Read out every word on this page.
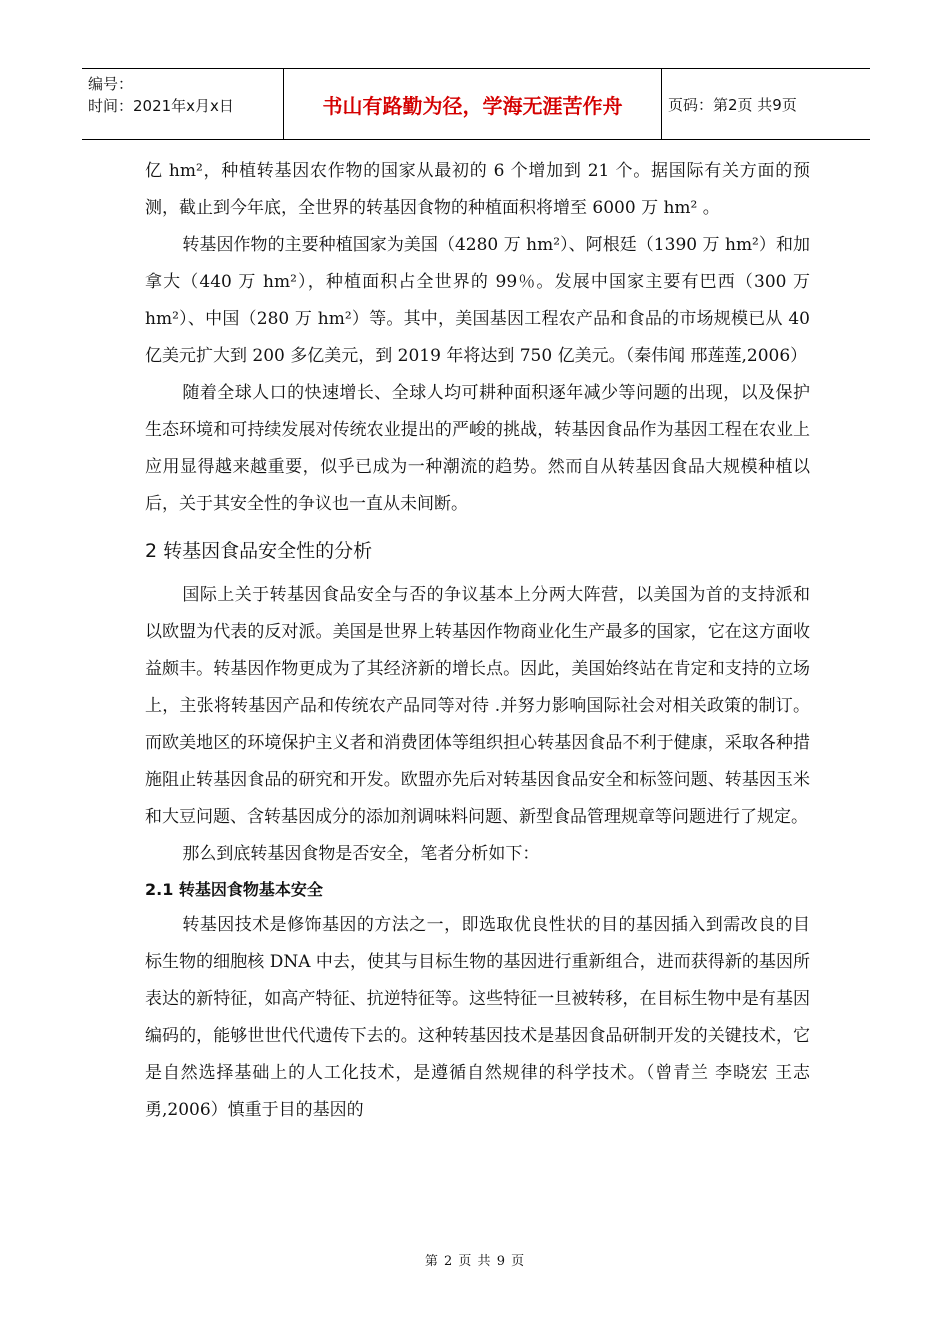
编号：
时间：2021年x月x日	书山有路勤为径，学海无涯苦作舟	页码：第2页 共9页

亿 hm²，种植转基因农作物的国家从最初的 6 个增加到 21 个。据国际有关方面的预测，截止到今年底，全世界的转基因食物的种植面积将增至 6000 万 hm² 。

转基因作物的主要种植国家为美国（4280 万 hm²）、阿根廷（1390 万 hm²）和加拿大（440 万 hm²），种植面积占全世界的 99％。发展中国家主要有巴西（300 万 hm²）、中国（280 万 hm²）等。其中，美国基因工程农产品和食品的市场规模已从 40 亿美元扩大到 200 多亿美元，到 2019 年将达到 750 亿美元。（秦伟闻 邢莲莲,2006）

随着全球人口的快速增长、全球人均可耕种面积逐年减少等问题的出现，以及保护生态环境和可持续发展对传统农业提出的严峻的挑战，转基因食品作为基因工程在农业上应用显得越来越重要，似乎已成为一种潮流的趋势。然而自从转基因食品大规模种植以后，关于其安全性的争议也一直从未间断。

2 转基因食品安全性的分析

国际上关于转基因食品安全与否的争议基本上分两大阵营，以美国为首的支持派和以欧盟为代表的反对派。美国是世界上转基因作物商业化生产最多的国家，它在这方面收益颇丰。转基因作物更成为了其经济新的增长点。因此，美国始终站在肯定和支持的立场上，主张将转基因产品和传统农产品同等对待 .并努力影响国际社会对相关政策的制订。而欧美地区的环境保护主义者和消费团体等组织担心转基因食品不利于健康，采取各种措施阻止转基因食品的研究和开发。欧盟亦先后对转基因食品安全和标签问题、转基因玉米和大豆问题、含转基因成分的添加剂调味料问题、新型食品管理规章等问题进行了规定。

那么到底转基因食物是否安全，笔者分析如下：

2.1 转基因食物基本安全

转基因技术是修饰基因的方法之一，即选取优良性状的目的基因插入到需改良的目标生物的细胞核 DNA 中去，使其与目标生物的基因进行重新组合，进而获得新的基因所表达的新特征，如高产特征、抗逆特征等。这些特征一旦被转移，在目标生物中是有基因编码的，能够世世代代遗传下去的。这种转基因技术是基因食品研制开发的关键技术，它是自然选择基础上的人工化技术，是遵循自然规律的科学技术。（曾青兰 李晓宏 王志勇,2006）慎重于目的基因的

第 2 页 共 9 页
